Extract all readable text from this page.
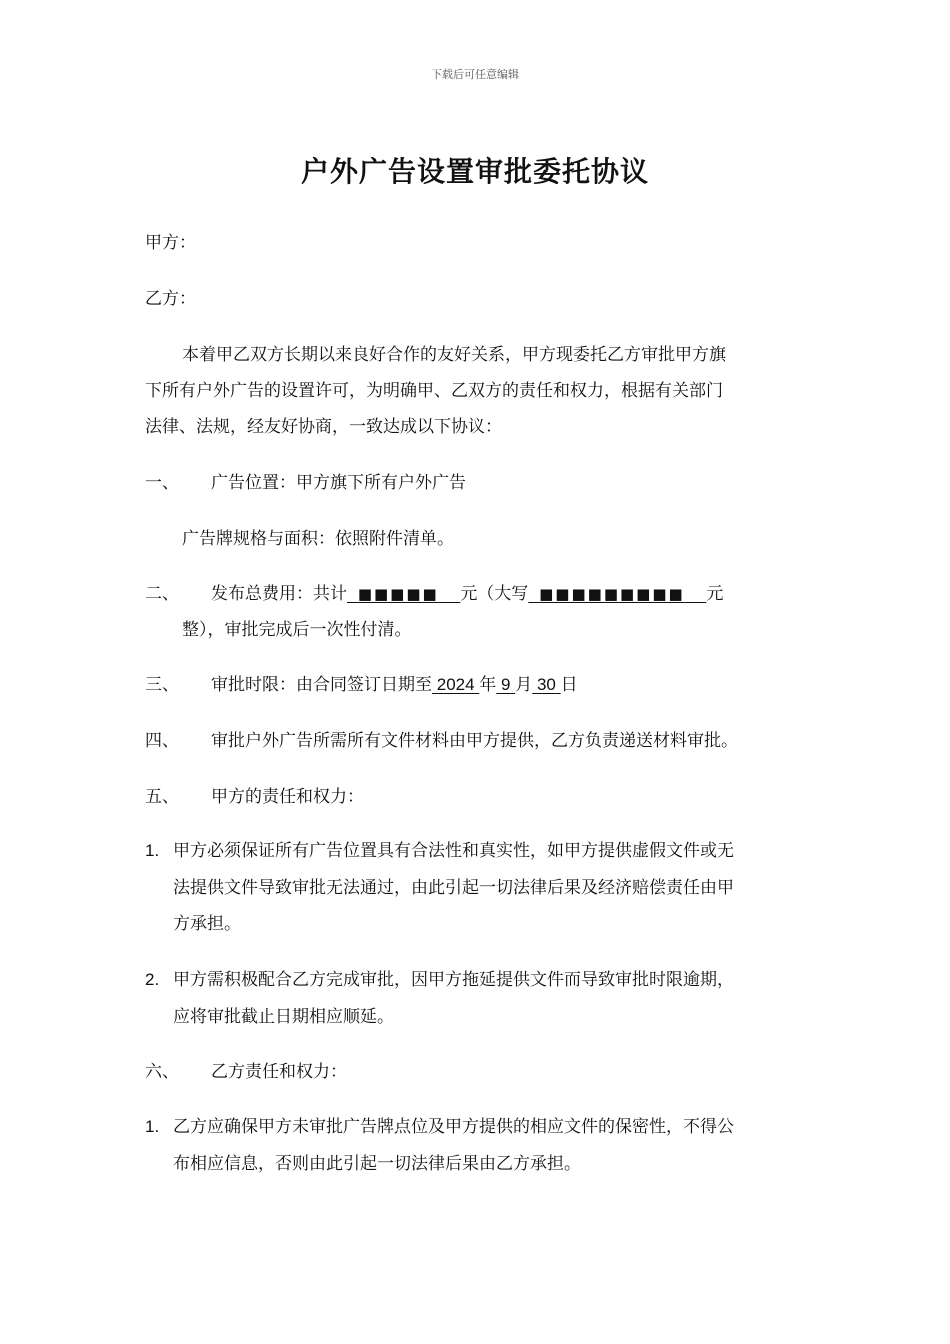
下载后可任意编辑
户外广告设置审批委托协议
甲方：
乙方：
本着甲乙双方长期以来良好合作的友好关系，甲方现委托乙方审批甲方旗
下所有户外广告的设置许可，为明确甲、乙双方的责任和权力，根据有关部门
法律、法规，经友好协商，一致达成以下协议：
一、 广告位置：甲方旗下所有户外广告
广告牌规格与面积：依照附件清单。
二、 发布总费用：共计 ■■■■■ 元（大写 ■■■■■■■■■ 元
整），审批完成后一次性付清。
三、 审批时限：由合同签订日期至 2024 年 9 月 30 日
四、 审批户外广告所需所有文件材料由甲方提供，乙方负责递送材料审批。
五、 甲方的责任和权力：
1. 甲方必须保证所有广告位置具有合法性和真实性，如甲方提供虚假文件或无
法提供文件导致审批无法通过，由此引起一切法律后果及经济赔偿责任由甲
方承担。
2. 甲方需积极配合乙方完成审批，因甲方拖延提供文件而导致审批时限逾期，
应将审批截止日期相应顺延。
六、 乙方责任和权力：
1. 乙方应确保甲方未审批广告牌点位及甲方提供的相应文件的保密性，不得公
布相应信息，否则由此引起一切法律后果由乙方承担。
